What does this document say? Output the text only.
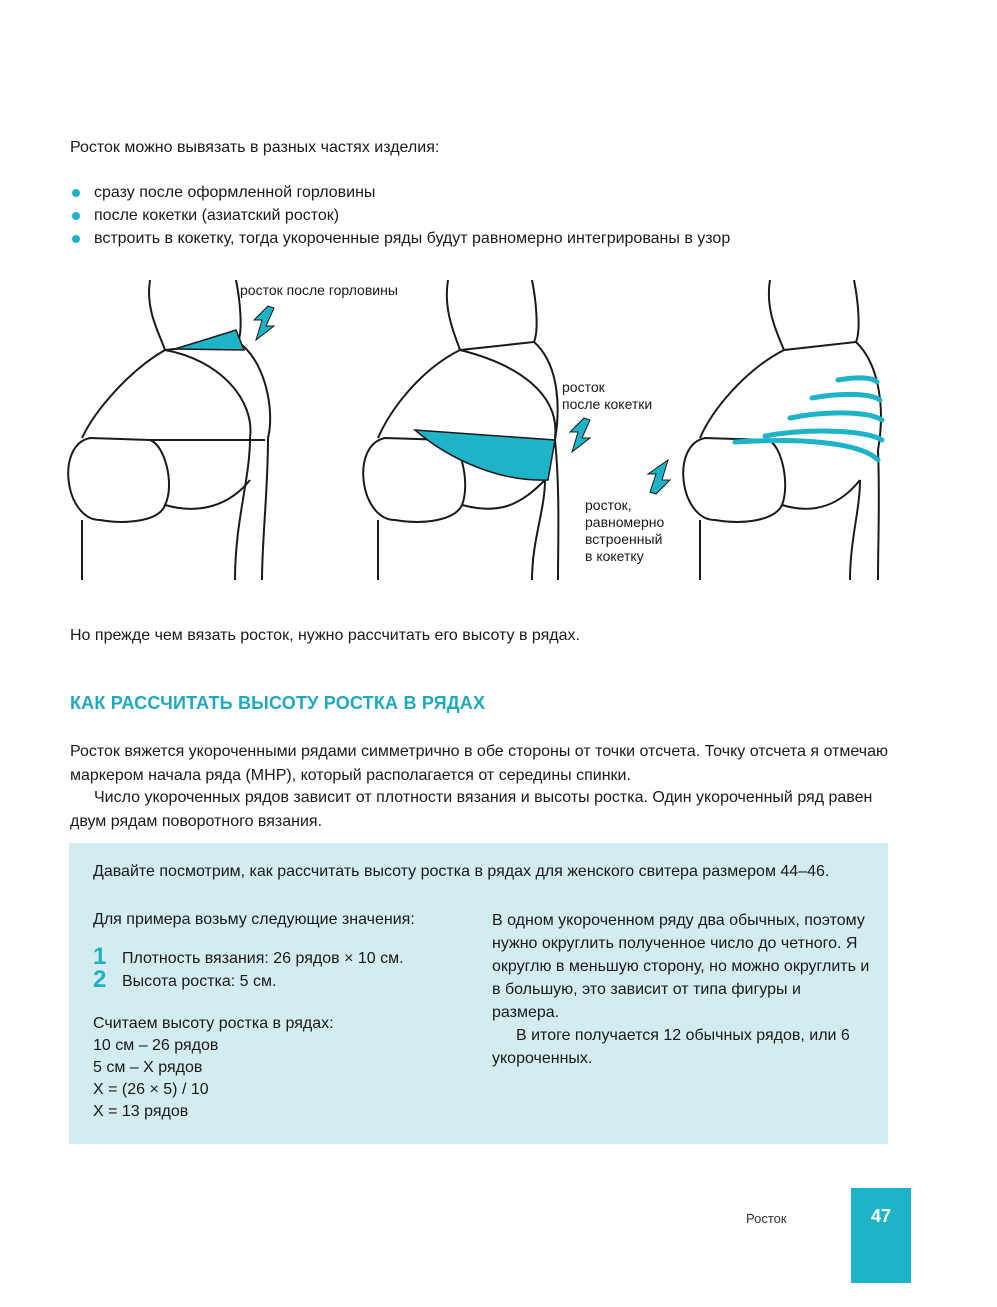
Росток можно вывязать в разных частях изделия:

сразу после оформленной горловины
после кокетки (азиатский росток)
встроить в кокетку, тогда укороченные ряды будут равномерно интегрированы в узор
росток после горловины
росток
после кокетки
росток,
равномерно
встроенный
в кокетку

Но прежде чем вязать росток, нужно рассчитать его высоту в рядах.

КАК РАССЧИТАТЬ ВЫСОТУ РОСТКА В РЯДАХ

Росток вяжется укороченными рядами симметрично в обе стороны от точки отсчета. Точку отсчета я отмечаю маркером начала ряда (МНР), который располагается от середины спинки.

Число укороченных рядов зависит от плотности вязания и высоты ростка. Один укороченный ряд равен двум рядам поворотного вязания.

Давайте посмотрим, как рассчитать высоту ростка в рядах для женского свитера размером 44–46.

Для примера возьму следующие значения:

1 Плотность вязания: 26 рядов × 10 см.
2 Высота ростка: 5 см.

Считаем высоту ростка в рядах:

10 см – 26 рядов

5 см – Х рядов

Х = (26 × 5) / 10

Х = 13 рядов

В одном укороченном ряду два обычных, поэтому нужно округлить полученное число до четного. Я округлю в меньшую сторону, но можно округлить и в большую, это зависит от типа фигуры и размера.

В итоге получается 12 обычных рядов, или 6 укороченных.

Росток	47
